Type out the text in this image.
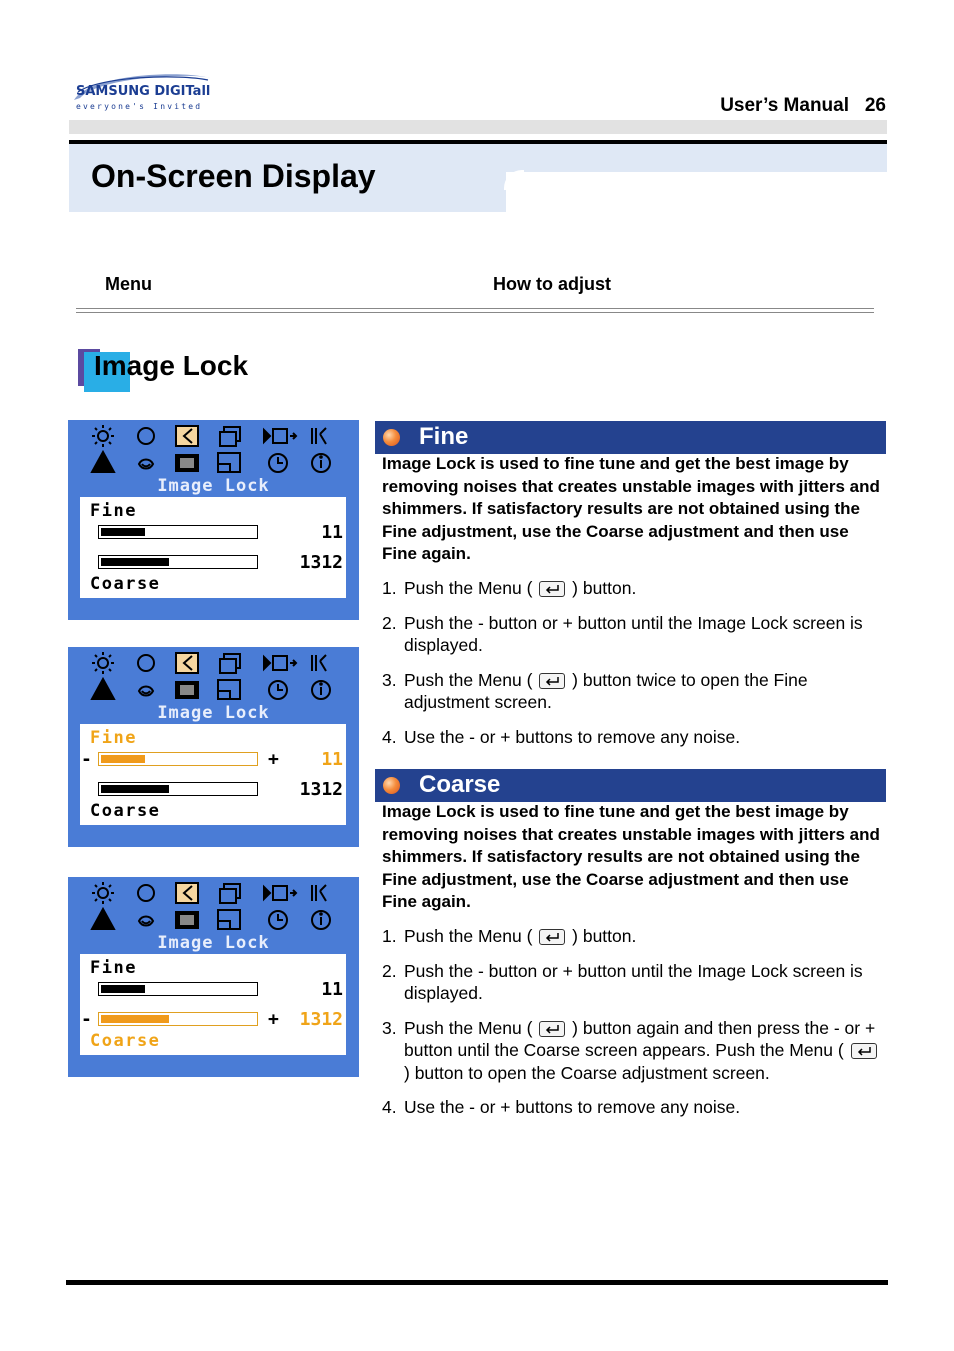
SAMSUNG DIGITall
everyone's Invited	User’s Manual 26
On-Screen Display
Menu	How to adjust
Image Lock
Image Lock
Fine
11
1312
Coarse
Image Lock
Fine
-	+ 11
1312
Coarse
Image Lock
Fine
11
-	+ 1312
Coarse
Fine
Image Lock is used to fine tune and get the best image by removing noises that creates unstable images with jitters and shimmers. If satisfactory results are not obtained using the Fine adjustment, use the Coarse adjustment and then use Fine again.
1. Push the Menu ( ) button.
2. Push the - button or + button until the Image Lock screen is displayed.
3. Push the Menu ( ) button twice to open the Fine adjustment screen.
4. Use the - or + buttons to remove any noise.
Coarse
Image Lock is used to fine tune and get the best image by removing noises that creates unstable images with jitters and shimmers. If satisfactory results are not obtained using the Fine adjustment, use the Coarse adjustment and then use Fine again.
1. Push the Menu ( ) button.
2. Push the - button or + button until the Image Lock screen is displayed.
3. Push the Menu ( ) button again and then press the - or + button until the Coarse screen appears. Push the Menu (
) button to open the Coarse adjustment screen.
4. Use the - or + buttons to remove any noise.
